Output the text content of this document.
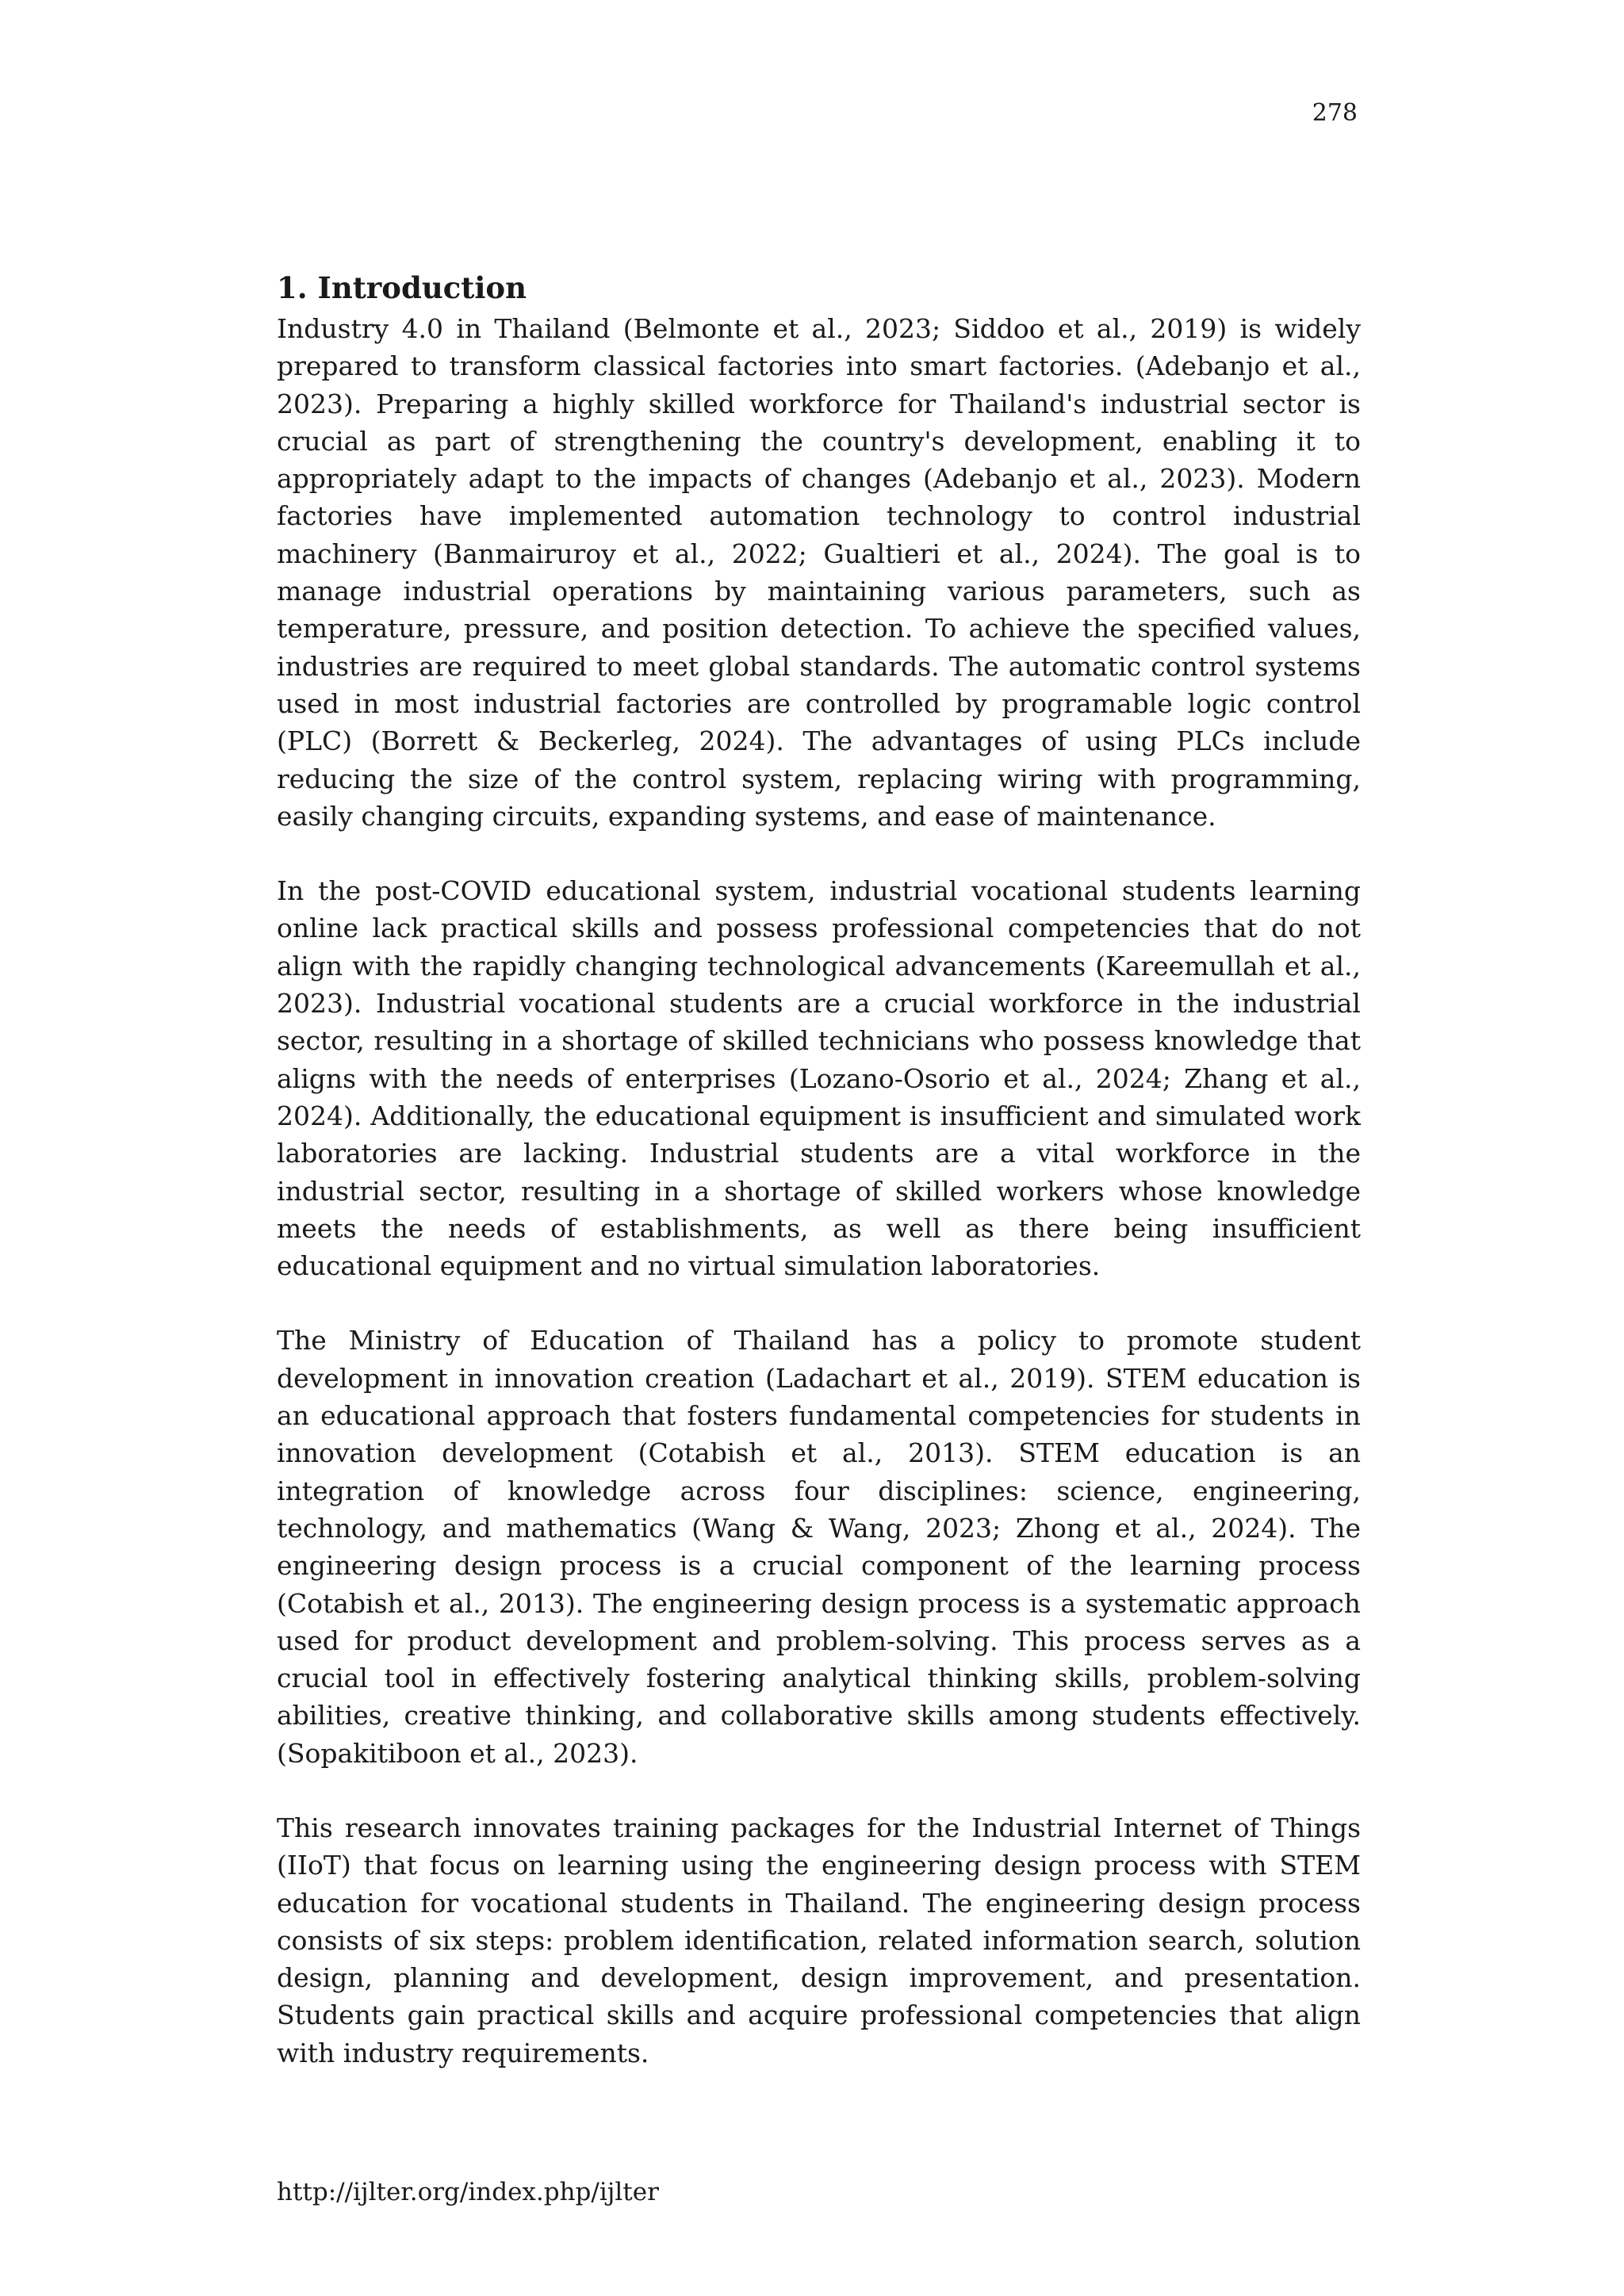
278
1. Introduction

Industry 4.0 in Thailand (Belmonte et al., 2023; Siddoo et al., 2019) is widely prepared to transform classical factories into smart factories. (Adebanjo et al., 2023). Preparing a highly skilled workforce for Thailand's industrial sector is crucial as part of strengthening the country's development, enabling it to appropriately adapt to the impacts of changes (Adebanjo et al., 2023). Modern factories have implemented automation technology to control industrial machinery (Banmairuroy et al., 2022; Gualtieri et al., 2024). The goal is to manage industrial operations by maintaining various parameters, such as temperature, pressure, and position detection. To achieve the specified values, industries are required to meet global standards. The automatic control systems used in most industrial factories are controlled by programable logic control (PLC) (Borrett & Beckerleg, 2024). The advantages of using PLCs include reducing the size of the control system, replacing wiring with programming, easily changing circuits, expanding systems, and ease of maintenance.

In the post-COVID educational system, industrial vocational students learning online lack practical skills and possess professional competencies that do not align with the rapidly changing technological advancements (Kareemullah et al., 2023). Industrial vocational students are a crucial workforce in the industrial sector, resulting in a shortage of skilled technicians who possess knowledge that aligns with the needs of enterprises (Lozano-Osorio et al., 2024; Zhang et al., 2024). Additionally, the educational equipment is insufficient and simulated work laboratories are lacking. Industrial students are a vital workforce in the industrial sector, resulting in a shortage of skilled workers whose knowledge meets the needs of establishments, as well as there being insufficient educational equipment and no virtual simulation laboratories.

The Ministry of Education of Thailand has a policy to promote student development in innovation creation (Ladachart et al., 2019). STEM education is an educational approach that fosters fundamental competencies for students in innovation development (Cotabish et al., 2013). STEM education is an integration of knowledge across four disciplines: science, engineering, technology, and mathematics (Wang & Wang, 2023; Zhong et al., 2024). The engineering design process is a crucial component of the learning process (Cotabish et al., 2013). The engineering design process is a systematic approach used for product development and problem-solving. This process serves as a crucial tool in effectively fostering analytical thinking skills, problem-solving abilities, creative thinking, and collaborative skills among students effectively. (Sopakitiboon et al., 2023).

This research innovates training packages for the Industrial Internet of Things (IIoT) that focus on learning using the engineering design process with STEM education for vocational students in Thailand. The engineering design process consists of six steps: problem identification, related information search, solution design, planning and development, design improvement, and presentation. Students gain practical skills and acquire professional competencies that align with industry requirements.

http://ijlter.org/index.php/ijlter
